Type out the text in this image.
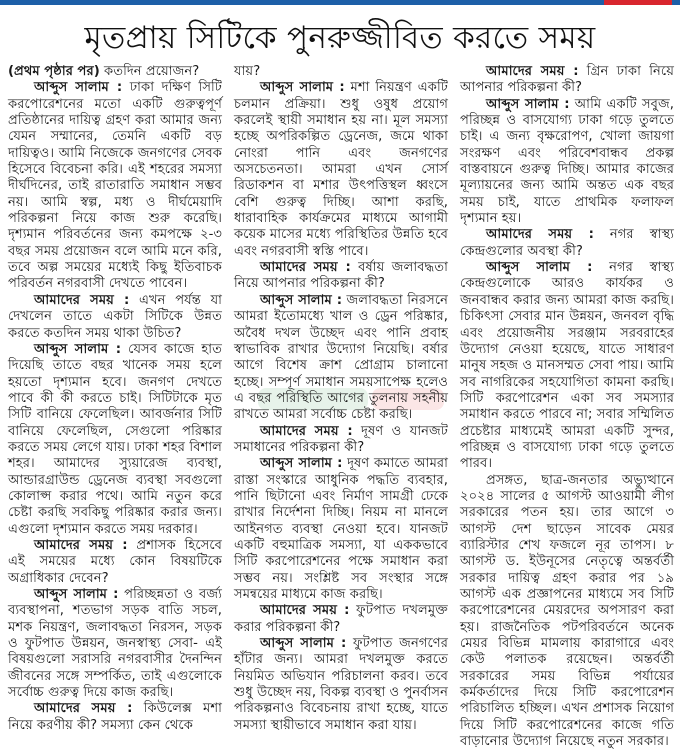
মৃতপ্রায় সিটিকে পুনরুজ্জীবিত করতে সময়

(প্রথম পৃষ্ঠার পর) কতদিন প্রয়োজন?

আব্দুস সালাম : ঢাকা দক্ষিণ সিটি করপোরেশনের মতো একটি গুরুত্বপূর্ণ প্রতিষ্ঠানের দায়িত্ব গ্রহণ করা আমার জন্য যেমন সম্মানের, তেমনি একটি বড় দায়িত্বও। আমি নিজেকে জনগণের সেবক হিসেবে বিবেচনা করি। এই শহরের সমস্যা দীর্ঘদিনের, তাই রাতারাতি সমাধান সম্ভব নয়। আমি স্বল্প, মধ্য ও দীর্ঘমেয়াদি পরিকল্পনা নিয়ে কাজ শুরু করেছি। দৃশ্যমান পরিবর্তনের জন্য কমপক্ষে ২-৩ বছর সময় প্রয়োজন বলে আমি মনে করি, তবে অল্প সময়ের মধ্যেই কিছু ইতিবাচক পরিবর্তন নগরবাসী দেখতে পাবেন।

আমাদের সময় : এখন পর্যন্ত যা দেখলেন তাতে একটা সিটিকে উন্নত করতে কতদিন সময় থাকা উচিত?

আব্দুস সালাম : যেসব কাজে হাত দিয়েছি তাতে বছর খানেক সময় হলে হয়তো দৃশ্যমান হবে। জনগণ দেখতে পাবে কী কী করতে চাই। সিটিটাকে মৃত সিটি বানিয়ে ফেলেছিল। আবর্জনার সিটি বানিয়ে ফেলেছিল, সেগুলো পরিষ্কার করতে সময় লেগে যায়। ঢাকা শহর বিশাল শহর। আমাদের স্যুয়ারেজ ব্যবস্থা, আন্ডারগ্রাউন্ড ড্রেনেজ ব্যবস্থা সবগুলো কোলাপ্স করার পথে। আমি নতুন করে চেষ্টা করছি সবকিছু পরিষ্কার করার জন্য। এগুলো দৃশ্যমান করতে সময় দরকার।

আমাদের সময় : প্রশাসক হিসেবে এই সময়ের মধ্যে কোন বিষয়টিকে অগ্রাধিকার দেবেন?

আব্দুস সালাম : পরিচ্ছন্নতা ও বর্জ্য ব্যবস্থাপনা, শতভাগ সড়ক বাতি সচল, মশক নিয়ন্ত্রণ, জলাবদ্ধতা নিরসন, সড়ক ও ফুটপাত উন্নয়ন, জনস্বাস্থ্য সেবা- এই বিষয়গুলো সরাসরি নগরবাসীর দৈনন্দিন জীবনের সঙ্গে সম্পর্কিত, তাই এগুলোকে সর্বোচ্চ গুরুত্ব দিয়ে কাজ করছি।

আমাদের সময় : কিউলেক্স মশা নিয়ে করণীয় কী? সমস্যা কেন থেকে

যায়?

আব্দুস সালাম : মশা নিয়ন্ত্রণ একটি চলমান প্রক্রিয়া। শুধু ওষুধ প্রয়োগ করলেই স্থায়ী সমাধান হয় না। মূল সমস্যা হচ্ছে অপরিকল্পিত ড্রেনেজ, জমে থাকা নোংরা পানি এবং জনগণের অসচেতনতা। আমরা এখন সোর্স রিডাকশন বা মশার উৎপত্তিস্থল ধ্বংসে বেশি গুরুত্ব দিচ্ছি। আশা করছি, ধারাবাহিক কার্যক্রমের মাধ্যমে আগামী কয়েক মাসের মধ্যে পরিস্থিতির উন্নতি হবে এবং নগরবাসী স্বস্তি পাবে।

আমাদের সময় : বর্ষায় জলাবদ্ধতা নিয়ে আপনার পরিকল্পনা কী?

আব্দুস সালাম : জলাবদ্ধতা নিরসনে আমরা ইতোমধ্যে খাল ও ড্রেন পরিষ্কার, অবৈধ দখল উচ্ছেদ এবং পানি প্রবাহ স্বাভাবিক রাখার উদ্যোগ নিয়েছি। বর্ষার আগে বিশেষ ক্রাশ প্রোগ্রাম চালানো হচ্ছে। সম্পূর্ণ সমাধান সময়সাপেক্ষ হলেও এ বছর পরিস্থিতি আগের তুলনায় সহনীয় রাখতে আমরা সর্বোচ্চ চেষ্টা করছি।

আমাদের সময় : দূষণ ও যানজট সমাধানের পরিকল্পনা কী?

আব্দুস সালাম : দূষণ কমাতে আমরা রাস্তা সংস্কারে আধুনিক পদ্ধতি ব্যবহার, পানি ছিটানো এবং নির্মাণ সামগ্রী ঢেকে রাখার নির্দেশনা দিচ্ছি। নিয়ম না মানলে আইনগত ব্যবস্থা নেওয়া হবে। যানজট একটি বহুমাত্রিক সমস্যা, যা এককভাবে সিটি করপোরেশনের পক্ষে সমাধান করা সম্ভব নয়। সংশ্লিষ্ট সব সংস্থার সঙ্গে সমন্বয়ের মাধ্যমে কাজ করছি।

আমাদের সময় : ফুটপাত দখলমুক্ত করার পরিকল্পনা কী?

আব্দুস সালাম : ফুটপাত জনগণের হাঁটার জন্য। আমরা দখলমুক্ত করতে নিয়মিত অভিযান পরিচালনা করব। তবে শুধু উচ্ছেদ নয়, বিকল্প ব্যবস্থা ও পুনর্বাসন পরিকল্পনাও বিবেচনায় রাখা হচ্ছে, যাতে সমস্যা স্থায়ীভাবে সমাধান করা যায়।

আমাদের সময় : গ্রিন ঢাকা নিয়ে আপনার পরিকল্পনা কী?

আব্দুস সালাম : আমি একটি সবুজ, পরিচ্ছন্ন ও বাসযোগ্য ঢাকা গড়ে তুলতে চাই। এ জন্য বৃক্ষরোপণ, খোলা জায়গা সংরক্ষণ এবং পরিবেশবান্ধব প্রকল্প বাস্তবায়নে গুরুত্ব দিচ্ছি। আমার কাজের মূল্যায়নের জন্য আমি অন্তত এক বছর সময় চাই, যাতে প্রাথমিক ফলাফল দৃশ্যমান হয়।

আমাদের সময় : নগর স্বাস্থ্য কেন্দ্রগুলোর অবস্থা কী?

আব্দুস সালাম : নগর স্বাস্থ্য কেন্দ্রগুলোকে আরও কার্যকর ও জনবান্ধব করার জন্য আমরা কাজ করছি। চিকিৎসা সেবার মান উন্নয়ন, জনবল বৃদ্ধি এবং প্রয়োজনীয় সরঞ্জাম সরবরাহের উদ্যোগ নেওয়া হয়েছে, যাতে সাধারণ মানুষ সহজ ও মানসম্মত সেবা পায়। আমি সব নাগরিকের সহযোগিতা কামনা করছি। সিটি করপোরেশন একা সব সমস্যার সমাধান করতে পারবে না; সবার সম্মিলিত প্রচেষ্টার মাধ্যমেই আমরা একটি সুন্দর, পরিচ্ছন্ন ও বাসযোগ্য ঢাকা গড়ে তুলতে পারব।

প্রসঙ্গত, ছাত্র-জনতার অভ্যুত্থানে ২০২৪ সালের ৫ আগস্ট আওয়ামী লীগ সরকারের পতন হয়। তার আগে ৩ আগস্ট দেশ ছাড়েন সাবেক মেয়র ব্যারিস্টার শেখ ফজলে নূর তাপস। ৮ আগস্ট ড. ইউনূসের নেতৃত্বে অন্তর্বর্তী সরকার দায়িত্ব গ্রহণ করার পর ১৯ আগস্ট এক প্রজ্ঞাপনের মাধ্যমে সব সিটি করপোরেশনের মেয়রদের অপসারণ করা হয়। রাজনৈতিক পটপরিবর্তনে অনেক মেয়র বিভিন্ন মামলায় কারাগারে এবং কেউ পলাতক রয়েছেন। অন্তর্বর্তী সরকারের সময় বিভিন্ন পর্যায়ের কর্মকর্তাদের দিয়ে সিটি করপোরেশন পরিচালিত হচ্ছিল। এখন প্রশাসক নিয়োগ দিয়ে সিটি করপোরেশনের কাজে গতি বাড়ানোর উদ্যোগ নিয়েছে নতুন সরকার।
